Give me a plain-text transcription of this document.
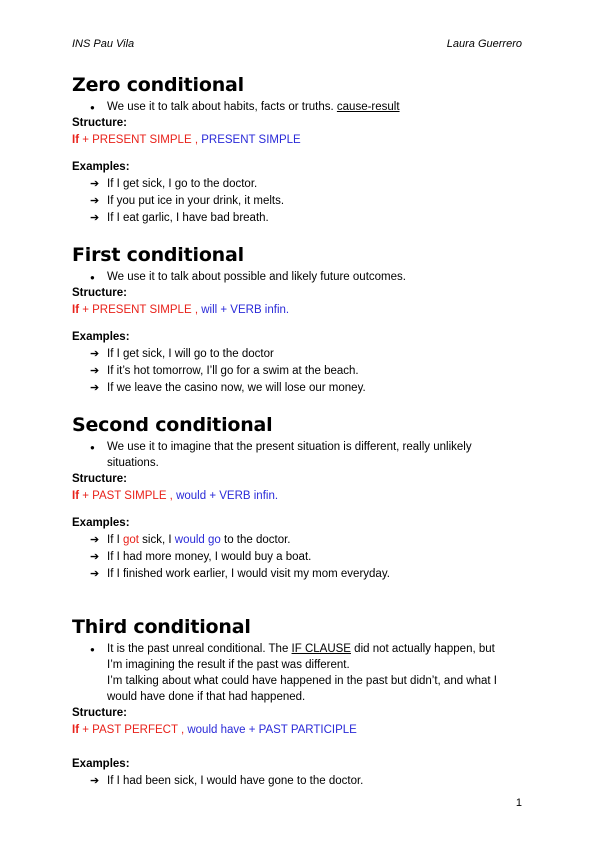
INS Pau Vila	Laura Guerrero
Zero conditional
● We use it to talk about habits, facts or truths. cause-result
Structure:
If + PRESENT SIMPLE , PRESENT SIMPLE
Examples:
➔ If I get sick, I go to the doctor.
➔ If you put ice in your drink, it melts.
➔ If I eat garlic, I have bad breath.
First conditional
● We use it to talk about possible and likely future outcomes.
Structure:
If + PRESENT SIMPLE , will + VERB infin.
Examples:
➔ If I get sick, I will go to the doctor
➔ If it’s hot tomorrow, I’ll go for a swim at the beach.
➔ If we leave the casino now, we will lose our money.
Second conditional
● We use it to imagine that the present situation is different, really unlikely
situations.
Structure:
If + PAST SIMPLE , would + VERB infin.
Examples:
➔ If I got sick, I would go to the doctor.
➔ If I had more money, I would buy a boat.
➔ If I finished work earlier, I would visit my mom everyday.
Third conditional
● It is the past unreal conditional. The IF CLAUSE did not actually happen, but
I’m imagining the result if the past was different.
I’m talking about what could have happened in the past but didn’t, and what I
would have done if that had happened.
Structure:
If + PAST PERFECT , would have + PAST PARTICIPLE
Examples:
➔ If I had been sick, I would have gone to the doctor.
1
